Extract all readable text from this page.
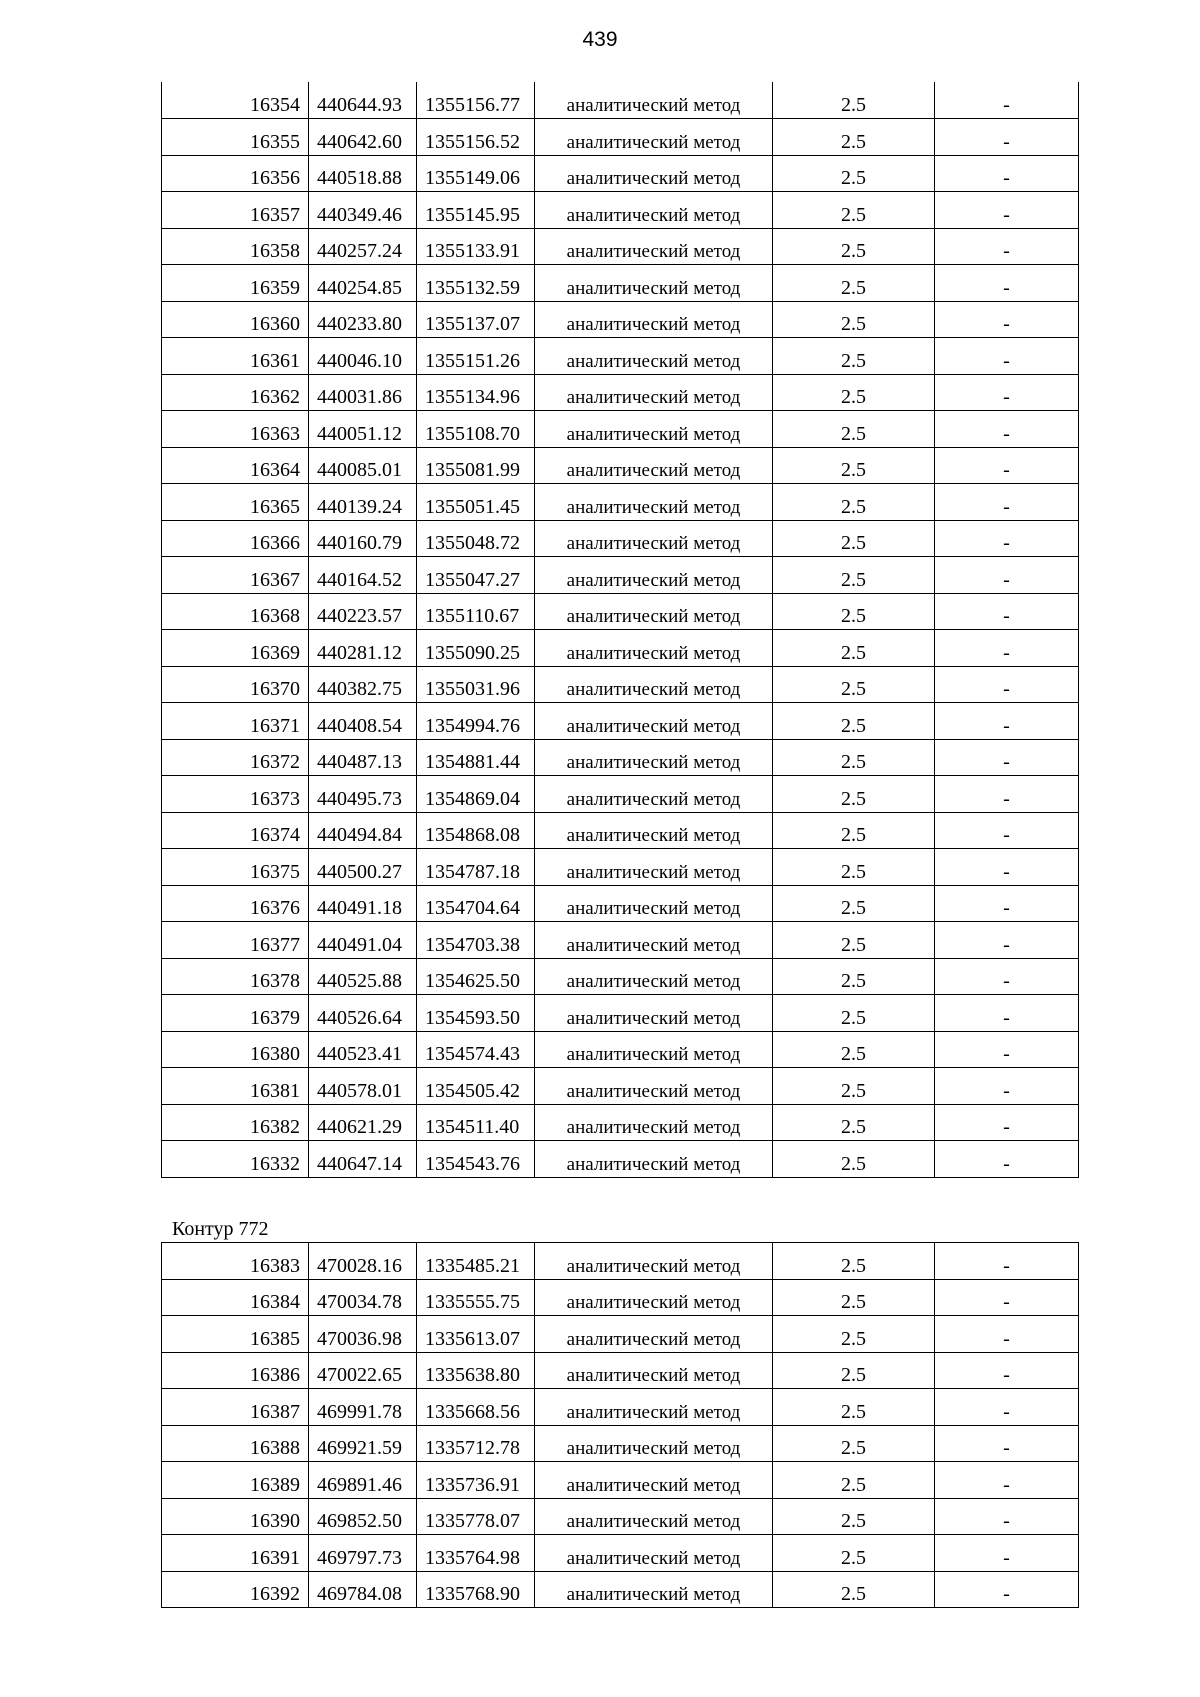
439
16354	440644.93	1355156.77	аналитический метод	2.5	-
16355	440642.60	1355156.52	аналитический метод	2.5	-
16356	440518.88	1355149.06	аналитический метод	2.5	-
16357	440349.46	1355145.95	аналитический метод	2.5	-
16358	440257.24	1355133.91	аналитический метод	2.5	-
16359	440254.85	1355132.59	аналитический метод	2.5	-
16360	440233.80	1355137.07	аналитический метод	2.5	-
16361	440046.10	1355151.26	аналитический метод	2.5	-
16362	440031.86	1355134.96	аналитический метод	2.5	-
16363	440051.12	1355108.70	аналитический метод	2.5	-
16364	440085.01	1355081.99	аналитический метод	2.5	-
16365	440139.24	1355051.45	аналитический метод	2.5	-
16366	440160.79	1355048.72	аналитический метод	2.5	-
16367	440164.52	1355047.27	аналитический метод	2.5	-
16368	440223.57	1355110.67	аналитический метод	2.5	-
16369	440281.12	1355090.25	аналитический метод	2.5	-
16370	440382.75	1355031.96	аналитический метод	2.5	-
16371	440408.54	1354994.76	аналитический метод	2.5	-
16372	440487.13	1354881.44	аналитический метод	2.5	-
16373	440495.73	1354869.04	аналитический метод	2.5	-
16374	440494.84	1354868.08	аналитический метод	2.5	-
16375	440500.27	1354787.18	аналитический метод	2.5	-
16376	440491.18	1354704.64	аналитический метод	2.5	-
16377	440491.04	1354703.38	аналитический метод	2.5	-
16378	440525.88	1354625.50	аналитический метод	2.5	-
16379	440526.64	1354593.50	аналитический метод	2.5	-
16380	440523.41	1354574.43	аналитический метод	2.5	-
16381	440578.01	1354505.42	аналитический метод	2.5	-
16382	440621.29	1354511.40	аналитический метод	2.5	-
16332	440647.14	1354543.76	аналитический метод	2.5	-
Контур 772
16383	470028.16	1335485.21	аналитический метод	2.5	-
16384	470034.78	1335555.75	аналитический метод	2.5	-
16385	470036.98	1335613.07	аналитический метод	2.5	-
16386	470022.65	1335638.80	аналитический метод	2.5	-
16387	469991.78	1335668.56	аналитический метод	2.5	-
16388	469921.59	1335712.78	аналитический метод	2.5	-
16389	469891.46	1335736.91	аналитический метод	2.5	-
16390	469852.50	1335778.07	аналитический метод	2.5	-
16391	469797.73	1335764.98	аналитический метод	2.5	-
16392	469784.08	1335768.90	аналитический метод	2.5	-
